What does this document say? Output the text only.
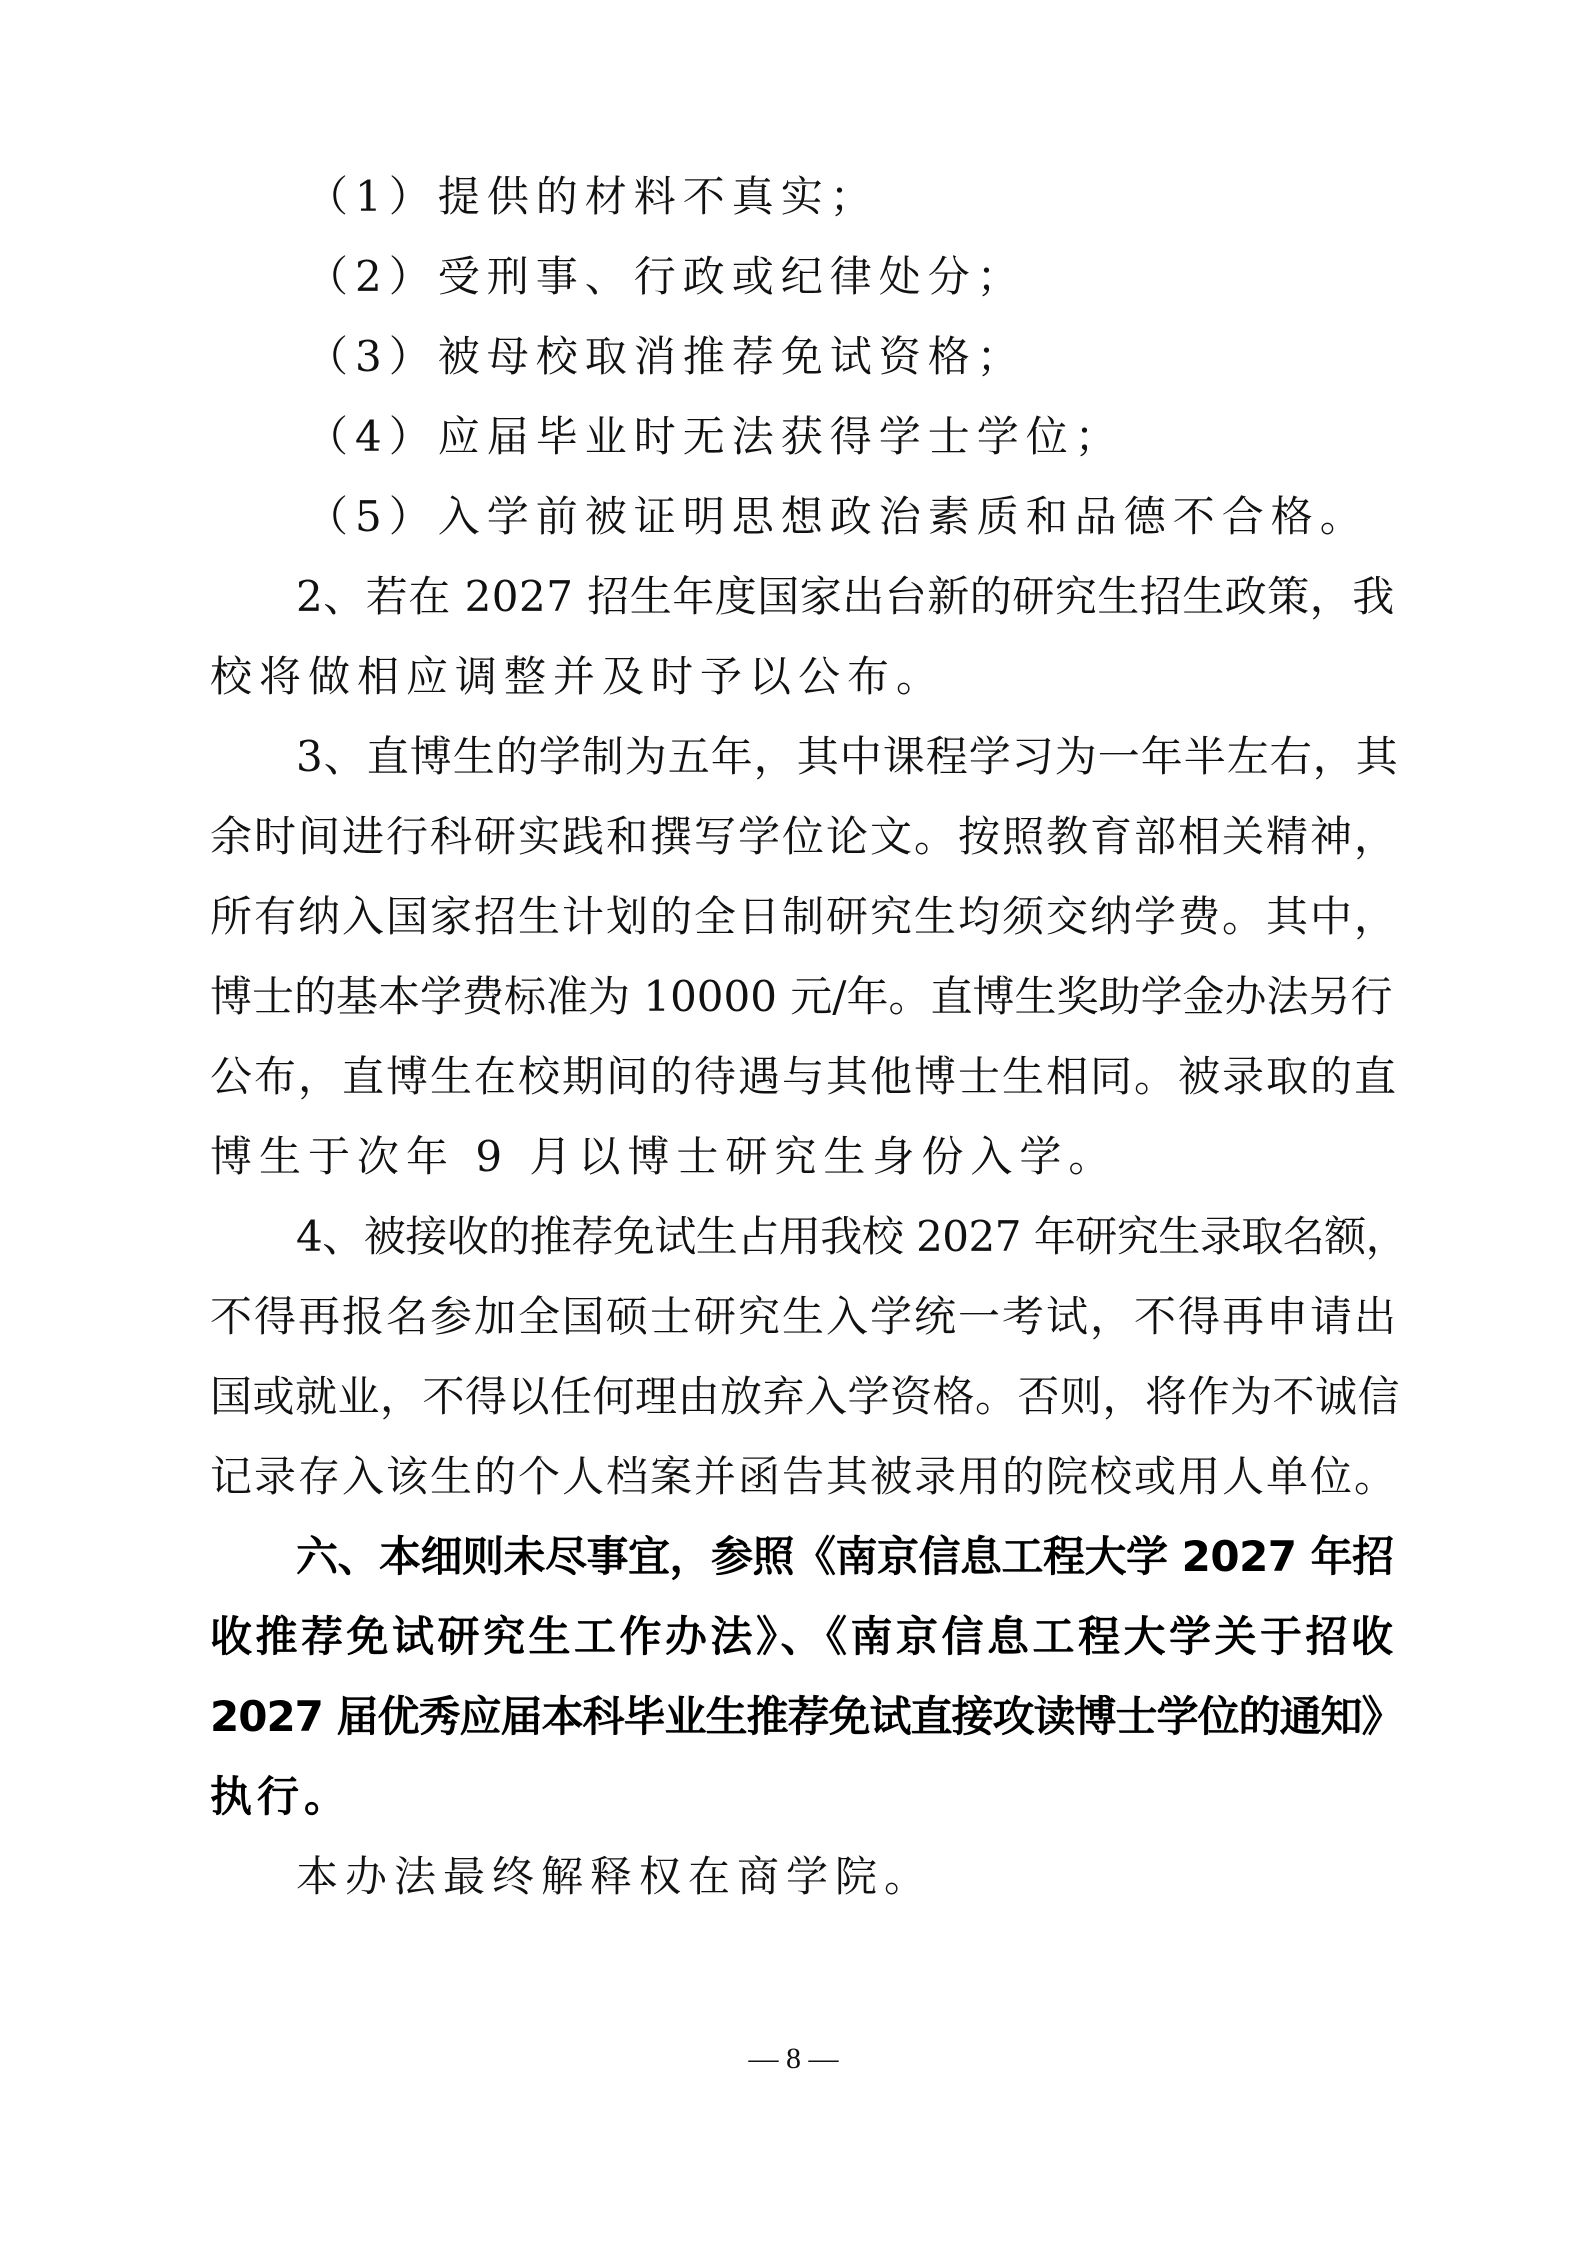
（1）提供的材料不真实；
（2）受刑事、行政或纪律处分；
（3）被母校取消推荐免试资格；
（4）应届毕业时无法获得学士学位；
（5）入学前被证明思想政治素质和品德不合格。
2、若在 2027 招生年度国家出台新的研究生招生政策，我
校将做相应调整并及时予以公布。
3、直博生的学制为五年，其中课程学习为一年半左右，其
余时间进行科研实践和撰写学位论文。按照教育部相关精神，
所有纳入国家招生计划的全日制研究生均须交纳学费。其中，
博士的基本学费标准为 10000 元/年。直博生奖助学金办法另行
公布，直博生在校期间的待遇与其他博士生相同。被录取的直
博生于次年 9 月以博士研究生身份入学。
4、被接收的推荐免试生占用我校 2027 年研究生录取名额，
不得再报名参加全国硕士研究生入学统一考试，不得再申请出
国或就业，不得以任何理由放弃入学资格。否则，将作为不诚信
记录存入该生的个人档案并函告其被录用的院校或用人单位。
六、本细则未尽事宜，参照《南京信息工程大学 2027 年招
收推荐免试研究生工作办法》、《南京信息工程大学关于招收
2027 届优秀应届本科毕业生推荐免试直接攻读博士学位的通知》
执行。
本办法最终解释权在商学院。
— 8 —
